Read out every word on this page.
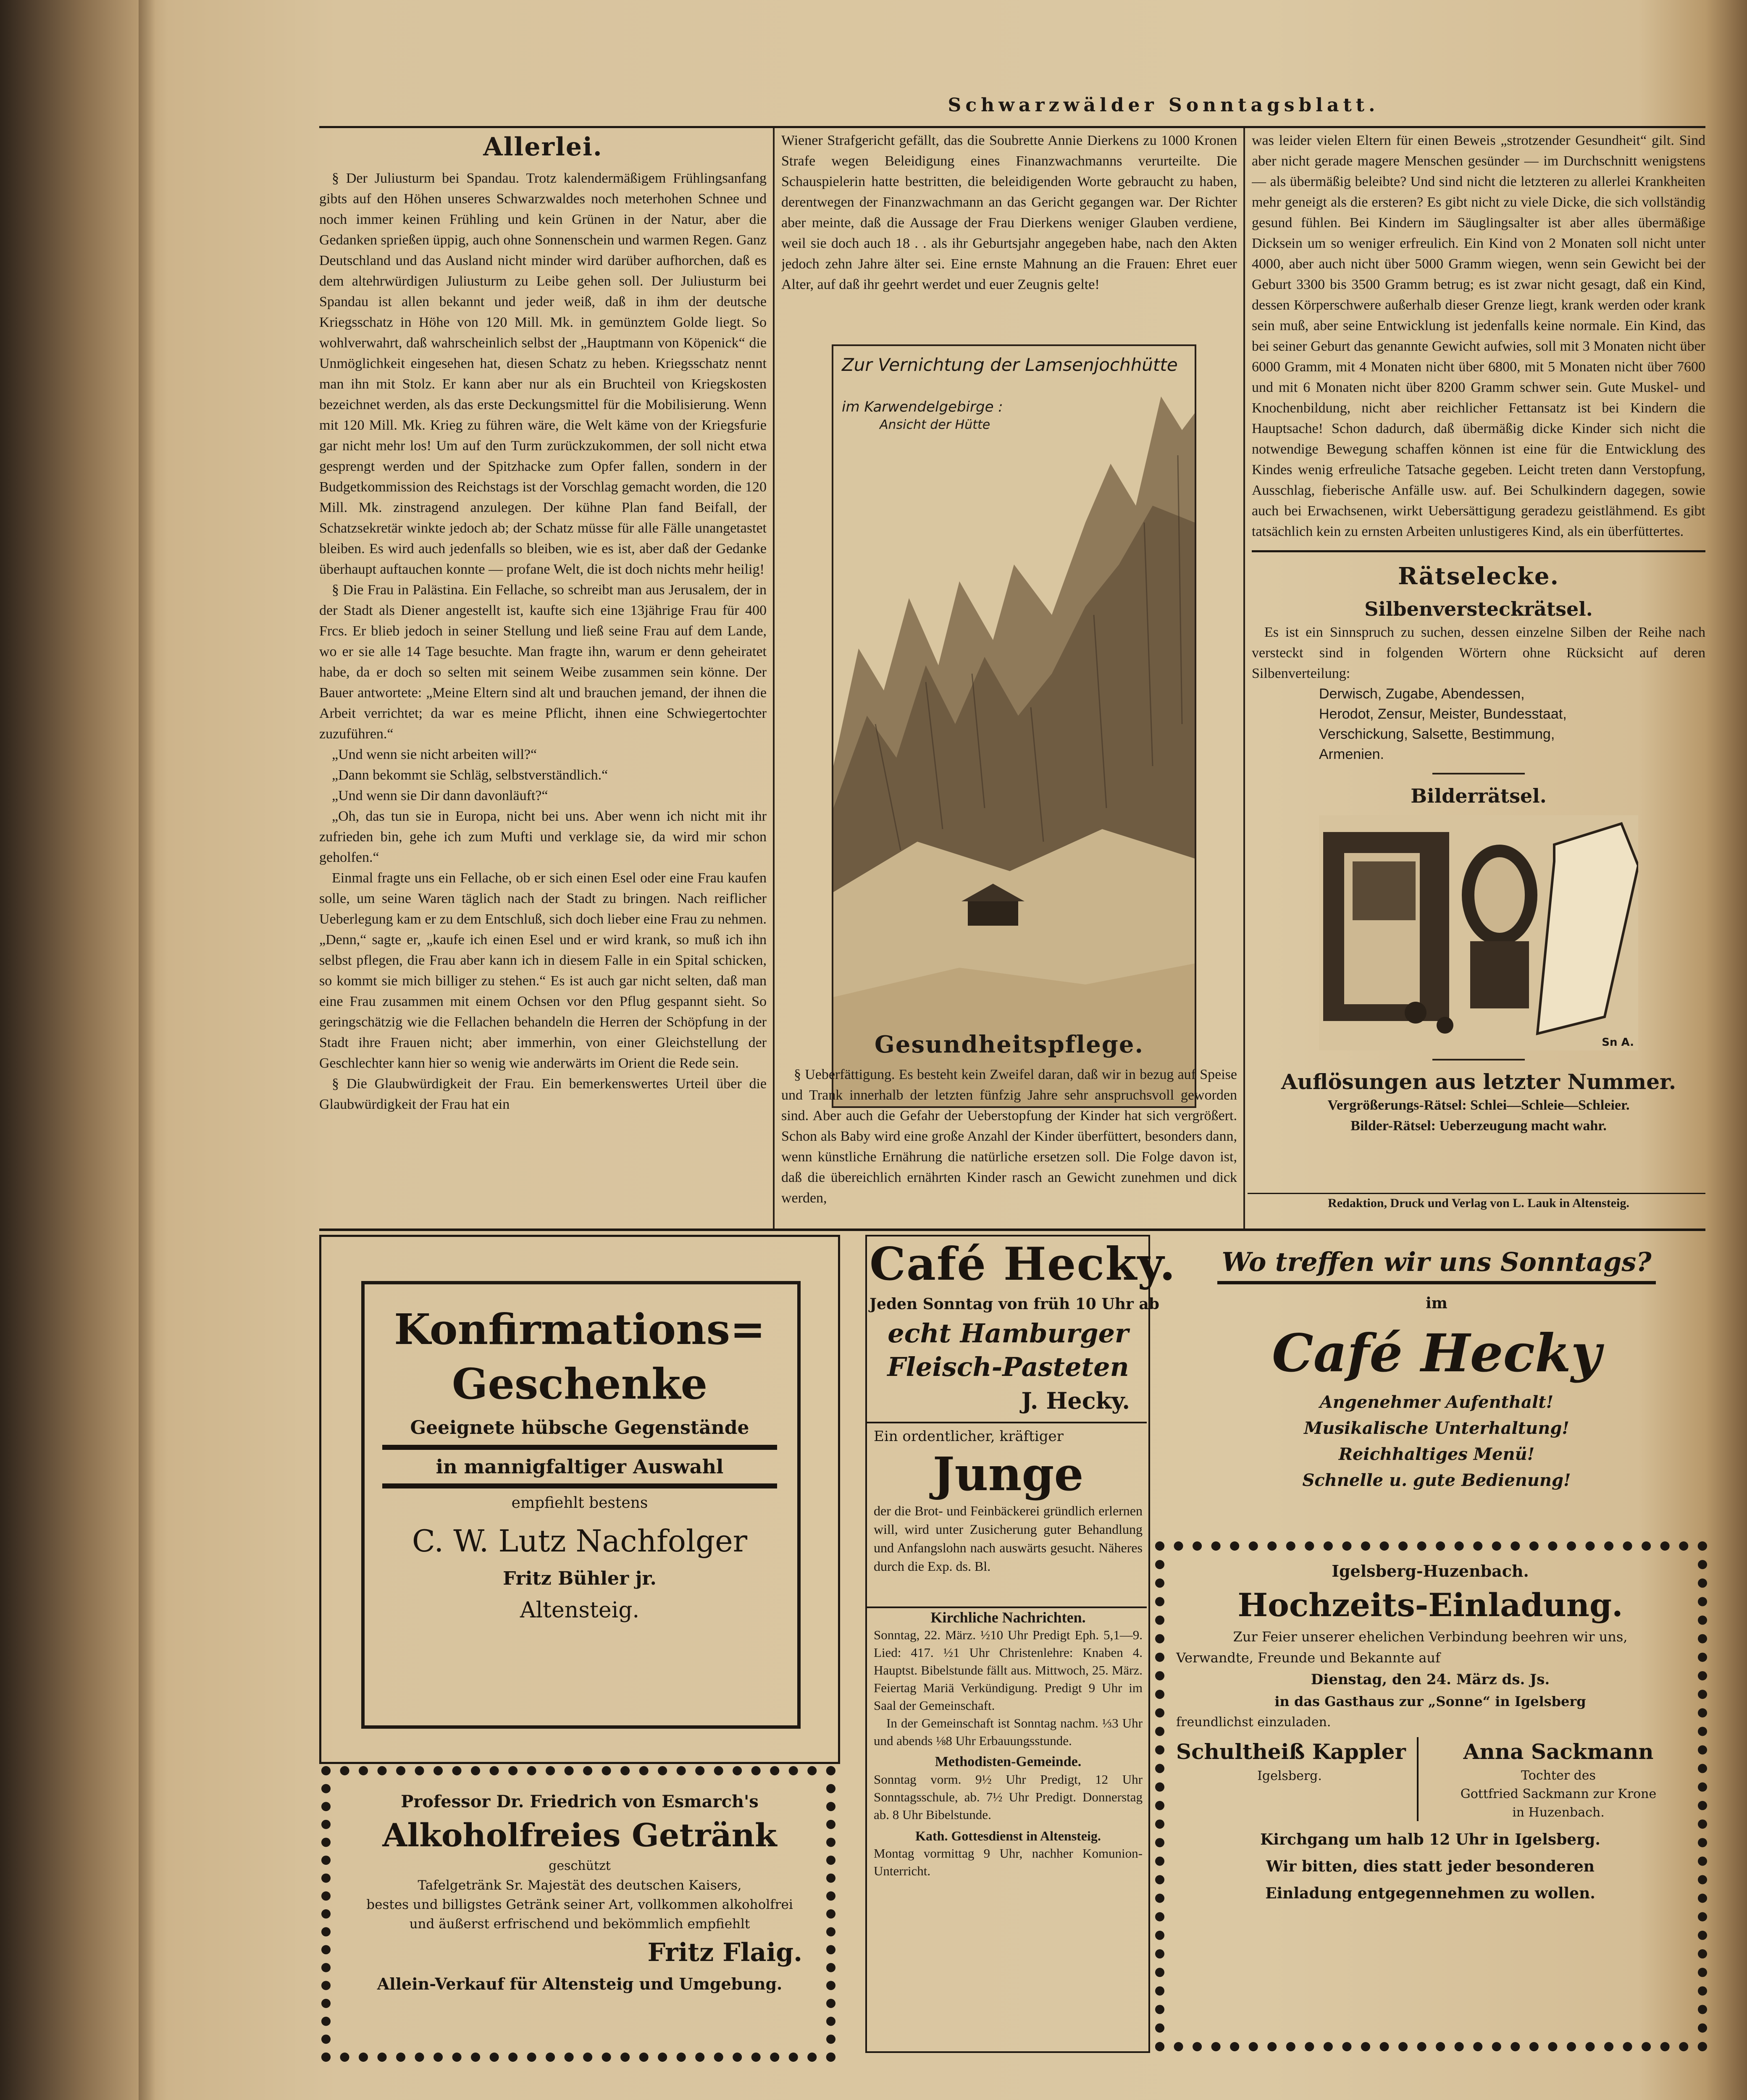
Schwarzwälder Sonntagsblatt.
Allerlei.

§ Der Juliusturm bei Spandau. Trotz kalendermäßigem Frühlingsanfang gibts auf den Höhen unseres Schwarzwaldes noch meterhohen Schnee und noch immer keinen Frühling und kein Grünen in der Natur, aber die Gedanken sprießen üppig, auch ohne Sonnenschein und warmen Regen. Ganz Deutschland und das Ausland nicht minder wird darüber aufhorchen, daß es dem altehrwürdigen Juliusturm zu Leibe gehen soll. Der Juliusturm bei Spandau ist allen bekannt und jeder weiß, daß in ihm der deutsche Kriegsschatz in Höhe von 120 Mill. Mk. in gemünztem Golde liegt. So wohlverwahrt, daß wahrscheinlich selbst der „Hauptmann von Köpenick“ die Unmöglichkeit eingesehen hat, diesen Schatz zu heben. Kriegsschatz nennt man ihn mit Stolz. Er kann aber nur als ein Bruchteil von Kriegskosten bezeichnet werden, als das erste Deckungsmittel für die Mobilisierung. Wenn mit 120 Mill. Mk. Krieg zu führen wäre, die Welt käme von der Kriegsfurie gar nicht mehr los! Um auf den Turm zurückzukommen, der soll nicht etwa gesprengt werden und der Spitzhacke zum Opfer fallen, sondern in der Budgetkommission des Reichstags ist der Vorschlag gemacht worden, die 120 Mill. Mk. zinstragend anzulegen. Der kühne Plan fand Beifall, der Schatzsekretär winkte jedoch ab; der Schatz müsse für alle Fälle unangetastet bleiben. Es wird auch jedenfalls so bleiben, wie es ist, aber daß der Gedanke überhaupt auftauchen konnte — profane Welt, die ist doch nichts mehr heilig!

§ Die Frau in Palästina. Ein Fellache, so schreibt man aus Jerusalem, der in der Stadt als Diener angestellt ist, kaufte sich eine 13jährige Frau für 400 Frcs. Er blieb jedoch in seiner Stellung und ließ seine Frau auf dem Lande, wo er sie alle 14 Tage besuchte. Man fragte ihn, warum er denn geheiratet habe, da er doch so selten mit seinem Weibe zusammen sein könne. Der Bauer antwortete: „Meine Eltern sind alt und brauchen jemand, der ihnen die Arbeit verrichtet; da war es meine Pflicht, ihnen eine Schwiegertochter zuzuführen.“

„Und wenn sie nicht arbeiten will?“

„Dann bekommt sie Schläg, selbstverständlich.“

„Und wenn sie Dir dann davonläuft?“

„Oh, das tun sie in Europa, nicht bei uns. Aber wenn ich nicht mit ihr zufrieden bin, gehe ich zum Mufti und verklage sie, da wird mir schon geholfen.“

Einmal fragte uns ein Fellache, ob er sich einen Esel oder eine Frau kaufen solle, um seine Waren täglich nach der Stadt zu bringen. Nach reiflicher Ueberlegung kam er zu dem Entschluß, sich doch lieber eine Frau zu nehmen. „Denn,“ sagte er, „kaufe ich einen Esel und er wird krank, so muß ich ihn selbst pflegen, die Frau aber kann ich in diesem Falle in ein Spital schicken, so kommt sie mich billiger zu stehen.“ Es ist auch gar nicht selten, daß man eine Frau zusammen mit einem Ochsen vor den Pflug gespannt sieht. So geringschätzig wie die Fellachen behandeln die Herren der Schöpfung in der Stadt ihre Frauen nicht; aber immerhin, von einer Gleichstellung der Geschlechter kann hier so wenig wie anderwärts im Orient die Rede sein.

§ Die Glaubwürdigkeit der Frau. Ein bemerkenswertes Urteil über die Glaubwürdigkeit der Frau hat ein

Wiener Strafgericht gefällt, das die Soubrette Annie Dierkens zu 1000 Kronen Strafe wegen Beleidigung eines Finanzwachmanns verurteilte. Die Schauspielerin hatte bestritten, die beleidigenden Worte gebraucht zu haben, derentwegen der Finanzwachmann an das Gericht gegangen war. Der Richter aber meinte, daß die Aussage der Frau Dierkens weniger Glauben verdiene, weil sie doch auch 18 . . als ihr Geburtsjahr angegeben habe, nach den Akten jedoch zehn Jahre älter sei. Eine ernste Mahnung an die Frauen: Ehret euer Alter, auf daß ihr geehrt werdet und euer Zeugnis gelte!

Zur Vernichtung der Lamsenjochhütte
im Karwendelgebirge :
Ansicht der Hütte
Gesundheitspflege.

§ Ueberfättigung. Es besteht kein Zweifel daran, daß wir in bezug auf Speise und Trank innerhalb der letzten fünfzig Jahre sehr anspruchsvoll geworden sind. Aber auch die Gefahr der Ueberstopfung der Kinder hat sich vergrößert. Schon als Baby wird eine große Anzahl der Kinder überfüttert, besonders dann, wenn künstliche Ernährung die natürliche ersetzen soll. Die Folge davon ist, daß die übereichlich ernährten Kinder rasch an Gewicht zunehmen und dick werden,

was leider vielen Eltern für einen Beweis „strotzender Gesundheit“ gilt. Sind aber nicht gerade magere Menschen gesünder — im Durchschnitt wenigstens — als übermäßig beleibte? Und sind nicht die letzteren zu allerlei Krankheiten mehr geneigt als die ersteren? Es gibt nicht zu viele Dicke, die sich vollständig gesund fühlen. Bei Kindern im Säuglingsalter ist aber alles übermäßige Dicksein um so weniger erfreulich. Ein Kind von 2 Monaten soll nicht unter 4000, aber auch nicht über 5000 Gramm wiegen, wenn sein Gewicht bei der Geburt 3300 bis 3500 Gramm betrug; es ist zwar nicht gesagt, daß ein Kind, dessen Körperschwere außerhalb dieser Grenze liegt, krank werden oder krank sein muß, aber seine Entwicklung ist jedenfalls keine normale. Ein Kind, das bei seiner Geburt das genannte Gewicht aufwies, soll mit 3 Monaten nicht über 6000 Gramm, mit 4 Monaten nicht über 6800, mit 5 Monaten nicht über 7600 und mit 6 Monaten nicht über 8200 Gramm schwer sein. Gute Muskel- und Knochenbildung, nicht aber reichlicher Fettansatz ist bei Kindern die Hauptsache! Schon dadurch, daß übermäßig dicke Kinder sich nicht die notwendige Bewegung schaffen können ist eine für die Entwicklung des Kindes wenig erfreuliche Tatsache gegeben. Leicht treten dann Verstopfung, Ausschlag, fieberische Anfälle usw. auf. Bei Schulkindern dagegen, sowie auch bei Erwachsenen, wirkt Uebersättigung geradezu geistlähmend. Es gibt tatsächlich kein zu ernsten Arbeiten unlustigeres Kind, als ein überfüttertes.

Rätselecke.
Silbenversteckrätsel.

Es ist ein Sinnspruch zu suchen, dessen einzelne Silben der Reihe nach versteckt sind in folgenden Wörtern ohne Rücksicht auf deren Silbenverteilung:

Derwisch, Zugabe, Abendessen,
Herodot, Zensur, Meister, Bundesstaat,
Verschickung, Salsette, Bestimmung,
Armenien.
Bilderrätsel.
Sn A.
Auflösungen aus letzter Nummer.
Vergrößerungs-Rätsel: Schlei—Schleie—Schleier.
Bilder-Rätsel: Ueberzeugung macht wahr.
Redaktion, Druck und Verlag von L. Lauk in Altensteig.
Konfirmations=
Geschenke
Geeignete hübsche Gegenstände
in mannigfaltiger Auswahl
empfiehlt bestens
C. W. Lutz Nachfolger
Fritz Bühler jr.
Altensteig.
Professor Dr. Friedrich von Esmarch's
Alkoholfreies Getränk
geschützt
Tafelgetränk Sr. Majestät des deutschen Kaisers,
bestes und billigstes Getränk seiner Art, vollkommen alkoholfrei
und äußerst erfrischend und bekömmlich empfiehlt
Fritz Flaig.
Allein-Verkauf für Altensteig und Umgebung.
Café Hecky.
Jeden Sonntag von früh 10 Uhr ab
echt Hamburger
Fleisch-Pasteten
J. Hecky.
Ein ordentlicher, kräftiger
Junge
der die Brot- und Feinbäckerei gründlich erlernen will, wird unter Zusicherung guter Behandlung und Anfangslohn nach auswärts gesucht. Näheres durch die Exp. ds. Bl.
Kirchliche Nachrichten.

Sonntag, 22. März. ½10 Uhr Predigt Eph. 5,1—9. Lied: 417. ½1 Uhr Christenlehre: Knaben 4. Hauptst. Bibelstunde fällt aus. Mittwoch, 25. März. Feiertag Mariä Verkündigung. Predigt 9 Uhr im Saal der Gemeinschaft.

In der Gemeinschaft ist Sonntag nachm. ⅓3 Uhr und abends ⅛8 Uhr Erbauungsstunde.

Methodisten-Gemeinde.

Sonntag vorm. 9½ Uhr Predigt, 12 Uhr Sonntagsschule, ab. 7½ Uhr Predigt. Donnerstag ab. 8 Uhr Bibelstunde.

Kath. Gottesdienst in Altensteig.

Montag vormittag 9 Uhr, nachher Komunion-Unterricht.

Wo treffen wir uns Sonntags?
im
Café Hecky
Angenehmer Aufenthalt!
Musikalische Unterhaltung!
Reichhaltiges Menü!
Schnelle u. gute Bedienung!
Igelsberg-Huzenbach.
Hochzeits-Einladung.
Zur Feier unserer ehelichen Verbindung beehren wir uns,
Verwandte, Freunde und Bekannte auf
Dienstag, den 24. März ds. Js.
in das Gasthaus zur „Sonne“ in Igelsberg
freundlichst einzuladen.
Schultheiß Kappler
Igelsberg.
Anna Sackmann
Tochter des
Gottfried Sackmann zur Krone
in Huzenbach.
Kirchgang um halb 12 Uhr in Igelsberg.
Wir bitten, dies statt jeder besonderen
Einladung entgegennehmen zu wollen.
